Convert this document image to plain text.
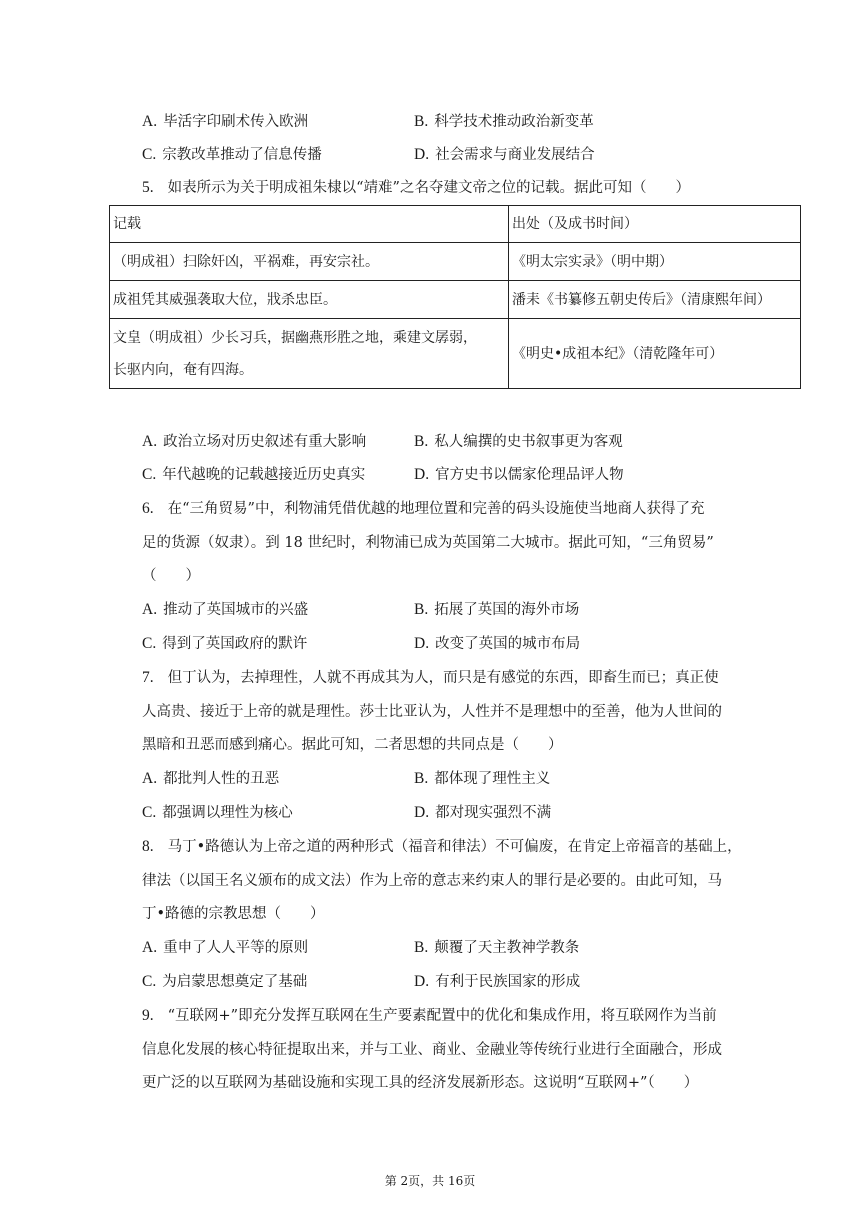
A. 毕活字印刷术传入欧洲	B. 科学技术推动政治新变革
C. 宗教改革推动了信息传播	D. 社会需求与商业发展结合
5. 如表所示为关于明成祖朱棣以“靖难”之名夺建文帝之位的记载。据此可知（　　）
记载	出处（及成书时间）
（明成祖）扫除奸凶，平祸难，再安宗社。	《明太宗实录》（明中期）
成祖凭其威强袭取大位，戕杀忠臣。	潘耒《书纂修五朝史传后》（清康熙年间）

文皇（明成祖）少长习兵，据幽燕形胜之地，乘建文孱弱，
长驱内向，奄有四海。	《明史•成祖本纪》（清乾隆年可）
A. 政治立场对历史叙述有重大影响	B. 私人编撰的史书叙事更为客观
C. 年代越晚的记载越接近历史真实	D. 官方史书以儒家伦理品评人物
6. 在“三角贸易”中，利物浦凭借优越的地理位置和完善的码头设施使当地商人获得了充
足的货源（奴隶）。到 18 世纪时，利物浦已成为英国第二大城市。据此可知，“三角贸易”
（　　）
A. 推动了英国城市的兴盛	B. 拓展了英国的海外市场
C. 得到了英国政府的默许	D. 改变了英国的城市布局
7. 但丁认为，去掉理性，人就不再成其为人，而只是有感觉的东西，即畜生而已；真正使
人高贵、接近于上帝的就是理性。莎士比亚认为，人性并不是理想中的至善，他为人世间的
黑暗和丑恶而感到痛心。据此可知，二者思想的共同点是（　　）
A. 都批判人性的丑恶	B. 都体现了理性主义
C. 都强调以理性为核心	D. 都对现实强烈不满
8. 马丁•路德认为上帝之道的两种形式（福音和律法）不可偏废，在肯定上帝福音的基础上，
律法（以国王名义颁布的成文法）作为上帝的意志来约束人的罪行是必要的。由此可知，马
丁•路德的宗教思想（　　）
A. 重申了人人平等的原则	B. 颠覆了天主教神学教条
C. 为启蒙思想奠定了基础	D. 有利于民族国家的形成
9. “互联网+”即充分发挥互联网在生产要素配置中的优化和集成作用，将互联网作为当前
信息化发展的核心特征提取出来，并与工业、商业、金融业等传统行业进行全面融合，形成
更广泛的以互联网为基础设施和实现工具的经济发展新形态。这说明“互联网+”（　　）
第 2页，共 16页
